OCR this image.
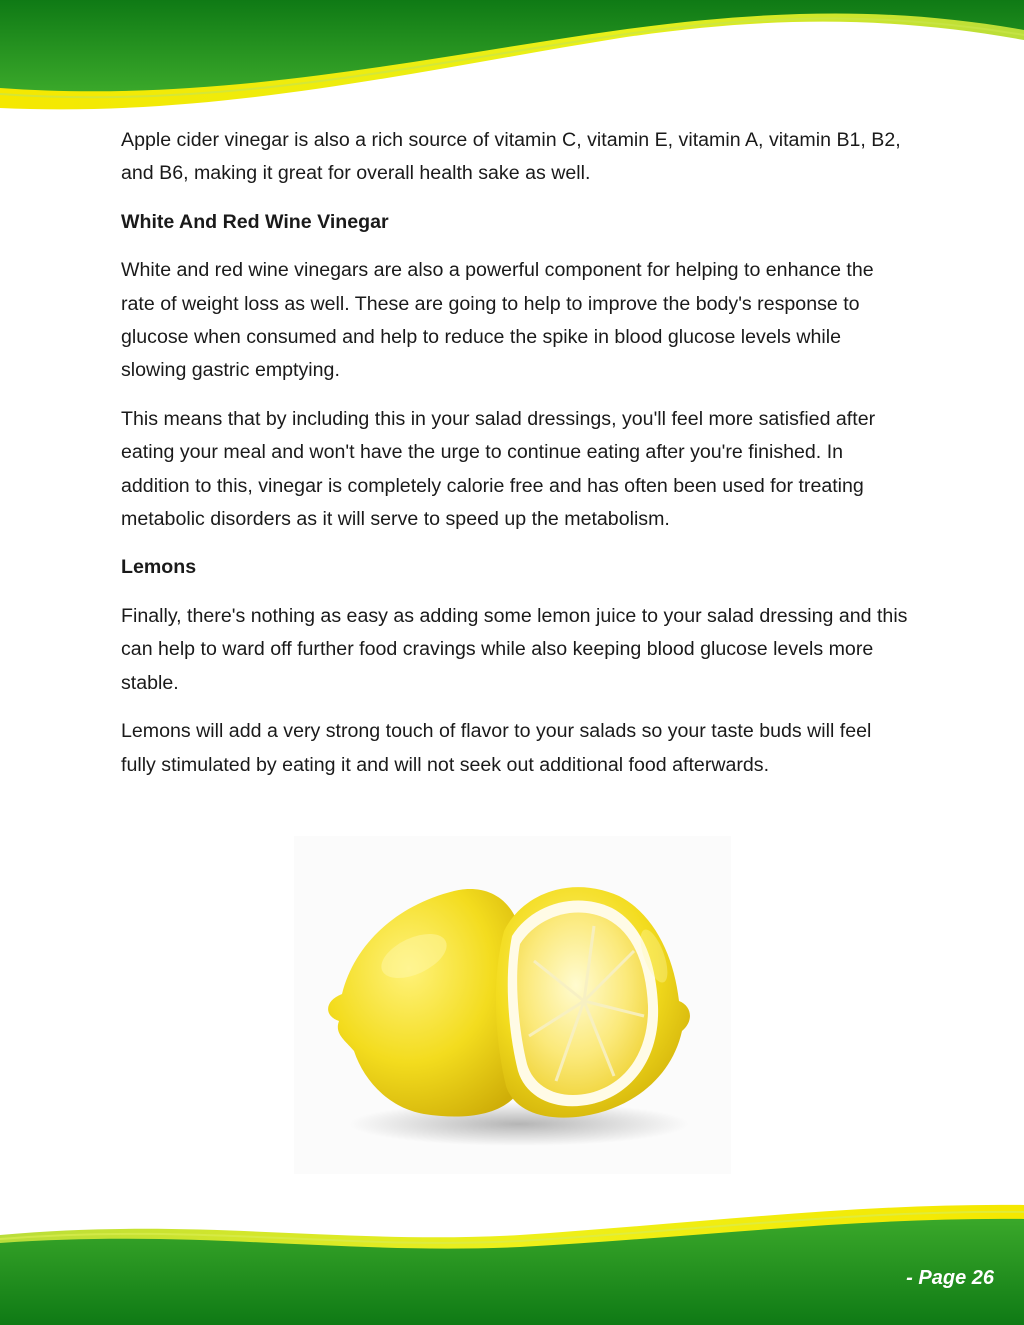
Apple cider vinegar is also a rich source of vitamin C, vitamin E, vitamin A, vitamin B1, B2, and B6, making it great for overall health sake as well.

White And Red Wine Vinegar

White and red wine vinegars are also a powerful component for helping to enhance the rate of weight loss as well. These are going to help to improve the body's response to glucose when consumed and help to reduce the spike in blood glucose levels while slowing gastric emptying.

This means that by including this in your salad dressings, you'll feel more satisfied after eating your meal and won't have the urge to continue eating after you're finished. In addition to this, vinegar is completely calorie free and has often been used for treating metabolic disorders as it will serve to speed up the metabolism.

Lemons

Finally, there's nothing as easy as adding some lemon juice to your salad dressing and this can help to ward off further food cravings while also keeping blood glucose levels more stable.

Lemons will add a very strong touch of flavor to your salads so your taste buds will feel fully stimulated by eating it and will not seek out additional food afterwards.

- Page 26
